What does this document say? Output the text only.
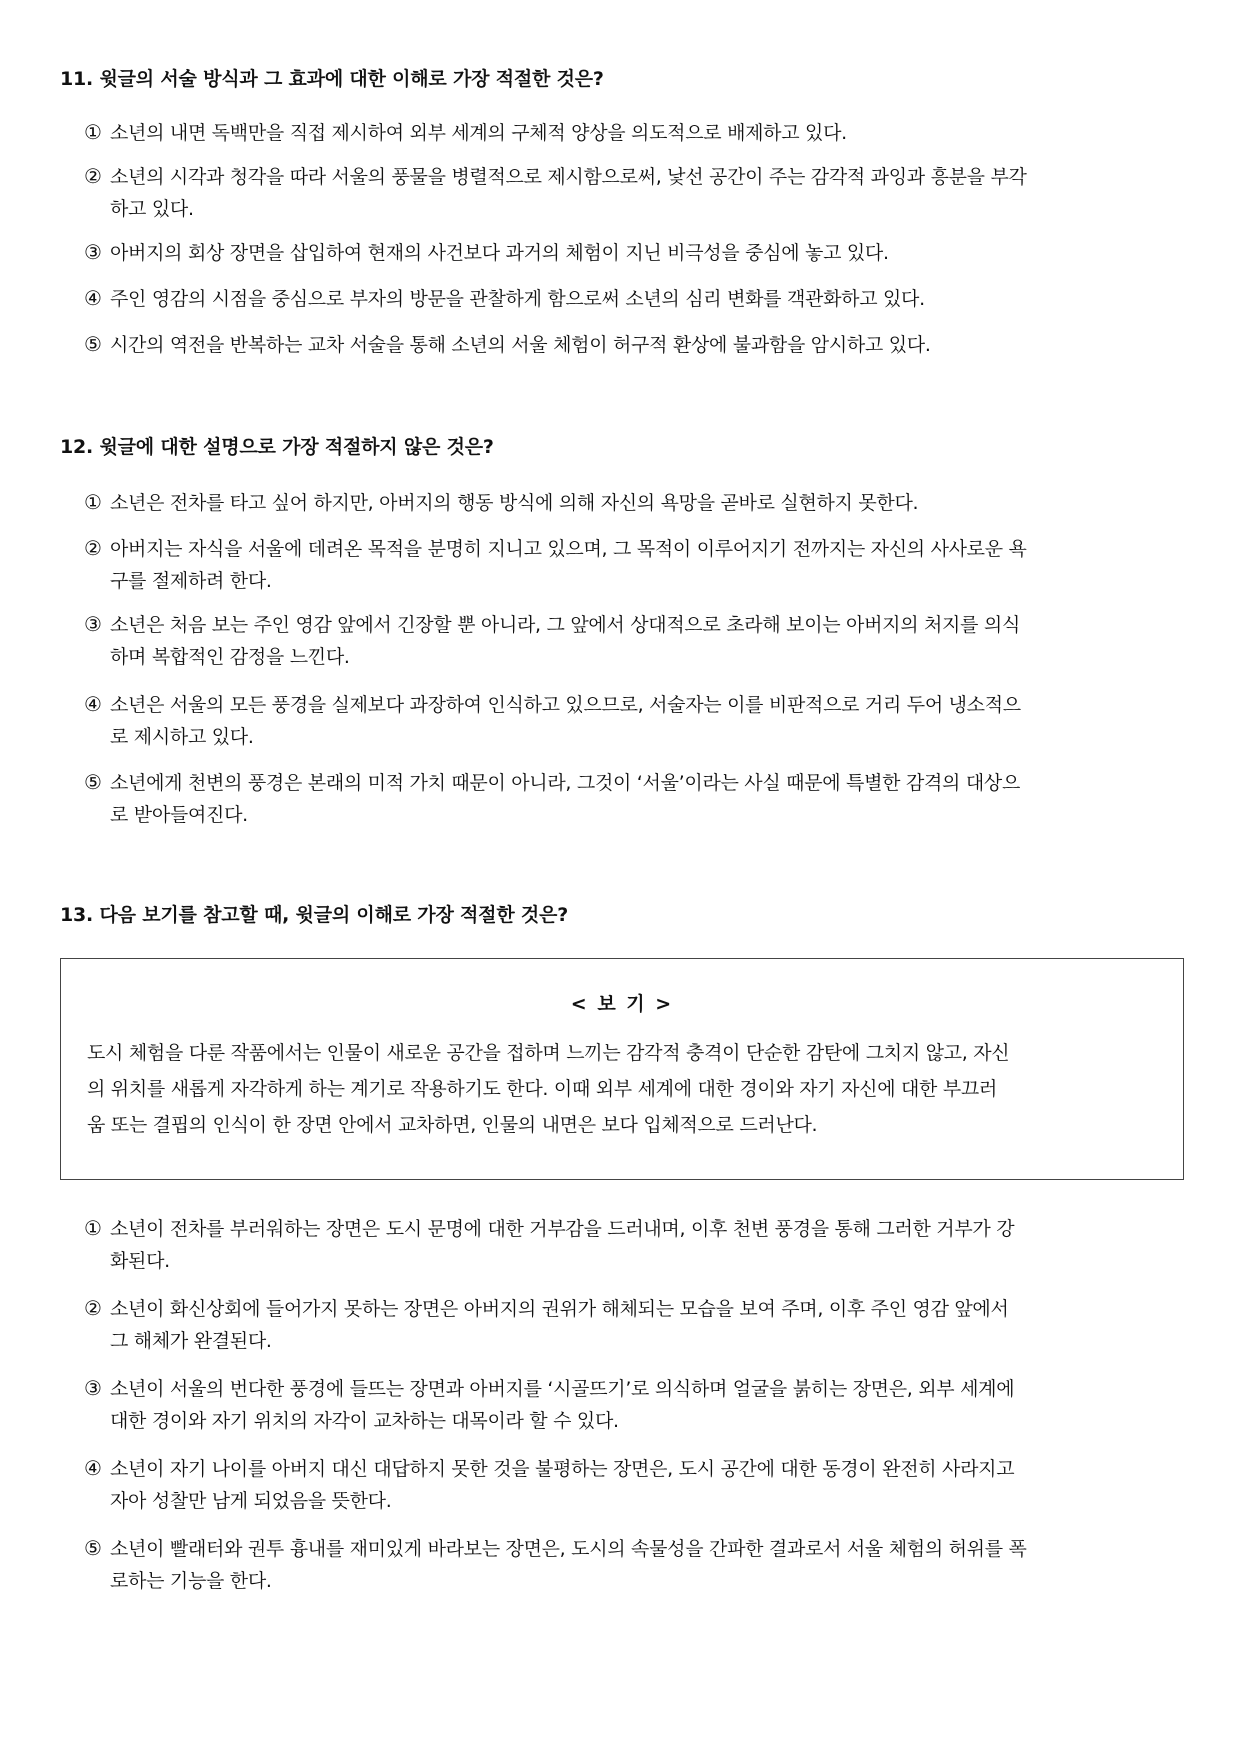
11. 윗글의 서술 방식과 그 효과에 대한 이해로 가장 적절한 것은?
① 소년의 내면 독백만을 직접 제시하여 외부 세계의 구체적 양상을 의도적으로 배제하고 있다.
② 소년의 시각과 청각을 따라 서울의 풍물을 병렬적으로 제시함으로써, 낯선 공간이 주는 감각적 과잉과 흥분을 부각
하고 있다.
③ 아버지의 회상 장면을 삽입하여 현재의 사건보다 과거의 체험이 지닌 비극성을 중심에 놓고 있다.
④ 주인 영감의 시점을 중심으로 부자의 방문을 관찰하게 함으로써 소년의 심리 변화를 객관화하고 있다.
⑤ 시간의 역전을 반복하는 교차 서술을 통해 소년의 서울 체험이 허구적 환상에 불과함을 암시하고 있다.
12. 윗글에 대한 설명으로 가장 적절하지 않은 것은?
① 소년은 전차를 타고 싶어 하지만, 아버지의 행동 방식에 의해 자신의 욕망을 곧바로 실현하지 못한다.
② 아버지는 자식을 서울에 데려온 목적을 분명히 지니고 있으며, 그 목적이 이루어지기 전까지는 자신의 사사로운 욕
구를 절제하려 한다.
③ 소년은 처음 보는 주인 영감 앞에서 긴장할 뿐 아니라, 그 앞에서 상대적으로 초라해 보이는 아버지의 처지를 의식
하며 복합적인 감정을 느낀다.
④ 소년은 서울의 모든 풍경을 실제보다 과장하여 인식하고 있으므로, 서술자는 이를 비판적으로 거리 두어 냉소적으
로 제시하고 있다.
⑤ 소년에게 천변의 풍경은 본래의 미적 가치 때문이 아니라, 그것이 ‘서울’이라는 사실 때문에 특별한 감격의 대상으
로 받아들여진다.
13. 다음 보기를 참고할 때, 윗글의 이해로 가장 적절한 것은?
< 보 기 >
도시 체험을 다룬 작품에서는 인물이 새로운 공간을 접하며 느끼는 감각적 충격이 단순한 감탄에 그치지 않고, 자신
의 위치를 새롭게 자각하게 하는 계기로 작용하기도 한다. 이때 외부 세계에 대한 경이와 자기 자신에 대한 부끄러
움 또는 결핍의 인식이 한 장면 안에서 교차하면, 인물의 내면은 보다 입체적으로 드러난다.
① 소년이 전차를 부러워하는 장면은 도시 문명에 대한 거부감을 드러내며, 이후 천변 풍경을 통해 그러한 거부가 강
화된다.
② 소년이 화신상회에 들어가지 못하는 장면은 아버지의 권위가 해체되는 모습을 보여 주며, 이후 주인 영감 앞에서
그 해체가 완결된다.
③ 소년이 서울의 번다한 풍경에 들뜨는 장면과 아버지를 ‘시골뜨기’로 의식하며 얼굴을 붉히는 장면은, 외부 세계에
대한 경이와 자기 위치의 자각이 교차하는 대목이라 할 수 있다.
④ 소년이 자기 나이를 아버지 대신 대답하지 못한 것을 불평하는 장면은, 도시 공간에 대한 동경이 완전히 사라지고
자아 성찰만 남게 되었음을 뜻한다.
⑤ 소년이 빨래터와 권투 흉내를 재미있게 바라보는 장면은, 도시의 속물성을 간파한 결과로서 서울 체험의 허위를 폭
로하는 기능을 한다.
